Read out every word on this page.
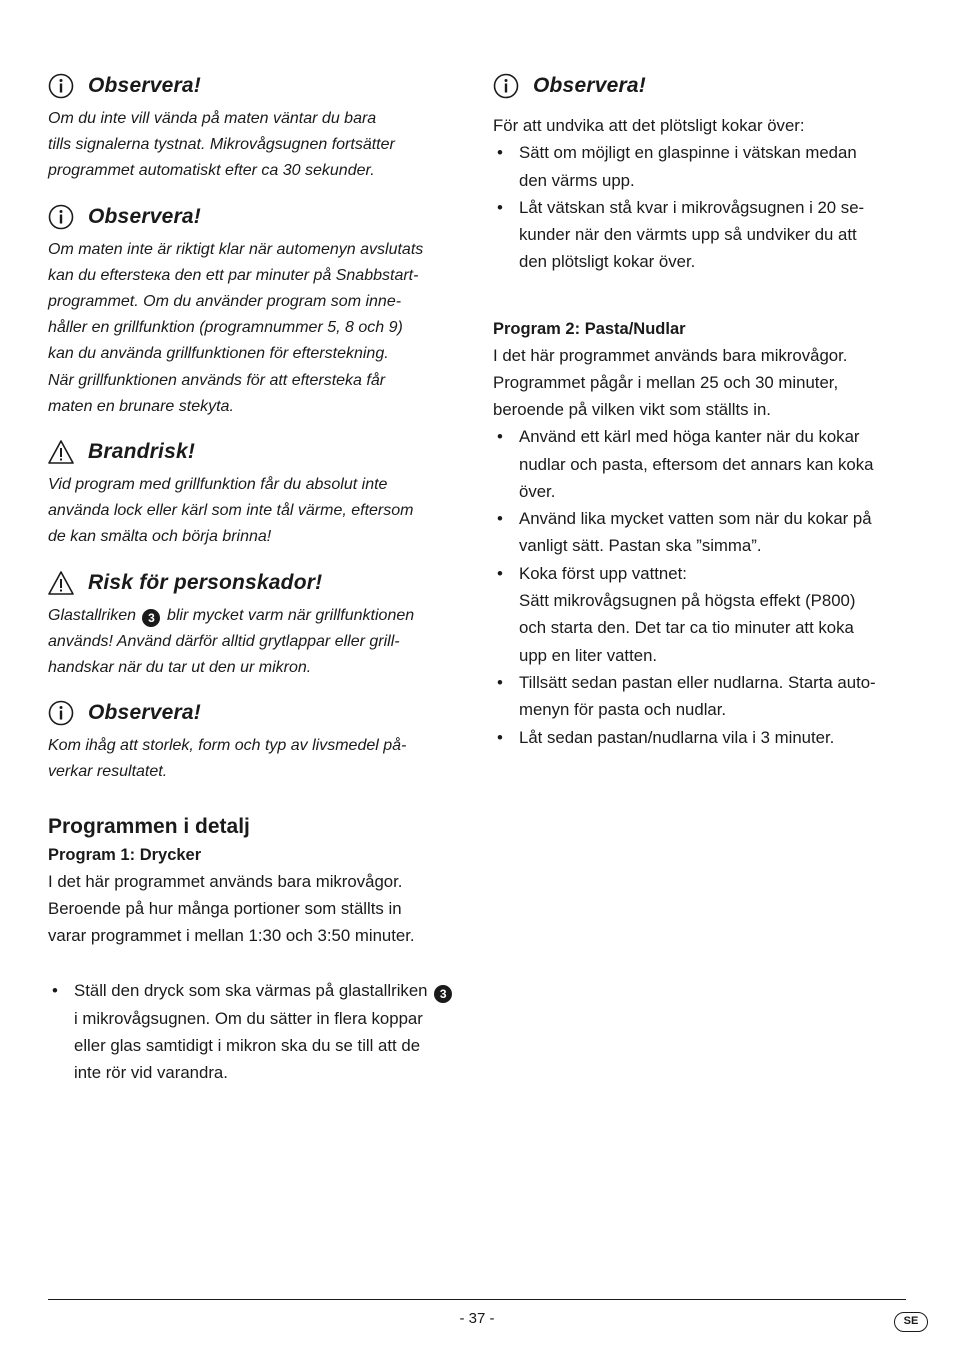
Observera!

Om du inte vill vända på maten väntar du bara
tills signalerna tystnat. Mikrovågsugnen fortsätter
programmet automatiskt efter ca 30 sekunder.

Observera!

Om maten inte är riktigt klar när automenyn avslutats
kan du efterstека den ett par minuter på Snabbstart-
programmet. Om du använder program som inne-
håller en grillfunktion (programnummer 5, 8 och 9)
kan du använda grillfunktionen för efterstekning.
När grillfunktionen används för att eftersteka får
maten en brunare stekyta.

Brandrisk!

Vid program med grillfunktion får du absolut inte
använda lock eller kärl som inte tål värme, eftersom
de kan smälta och börja brinna!

Risk för personskador!

Glastallriken 3 blir mycket varm när grillfunktionen
används! Använd därför alltid grytlappar eller grill-
handskar när du tar ut den ur mikron.

Observera!

Kom ihåg att storlek, form och typ av livsmedel på-
verkar resultatet.

Programmen i detalj
Program 1: Drycker

I det här programmet används bara mikrovågor.
Beroende på hur många portioner som ställts in
varar programmet i mellan 1:30 och 3:50 minuter.

• Ställ den dryck som ska värmas på glastallriken 3
i mikrovågsugnen. Om du sätter in flera koppar
eller glas samtidigt i mikron ska du se till att de
inte rör vid varandra.
Observera!

För att undvika att det plötsligt kokar över:

• Sätt om möjligt en glaspinne i vätskan medan
den värms upp.
• Låt vätskan stå kvar i mikrovågsugnen i 20 se-
kunder när den värmts upp så undviker du att
den plötsligt kokar över.
Program 2: Pasta/Nudlar

I det här programmet används bara mikrovågor.
Programmet pågår i mellan 25 och 30 minuter,
beroende på vilken vikt som ställts in.

• Använd ett kärl med höga kanter när du kokar
nudlar och pasta, eftersom det annars kan koka
över.
• Använd lika mycket vatten som när du kokar på
vanligt sätt. Pastan ska ”simma”.
• Koka först upp vattnet:
Sätt mikrovågsugnen på högsta effekt (P800)
och starta den. Det tar ca tio minuter att koka
upp en liter vatten.
• Tillsätt sedan pastan eller nudlarna. Starta auto-
menyn för pasta och nudlar.
• Låt sedan pastan/nudlarna vila i 3 minuter.
- 37 -	SE
